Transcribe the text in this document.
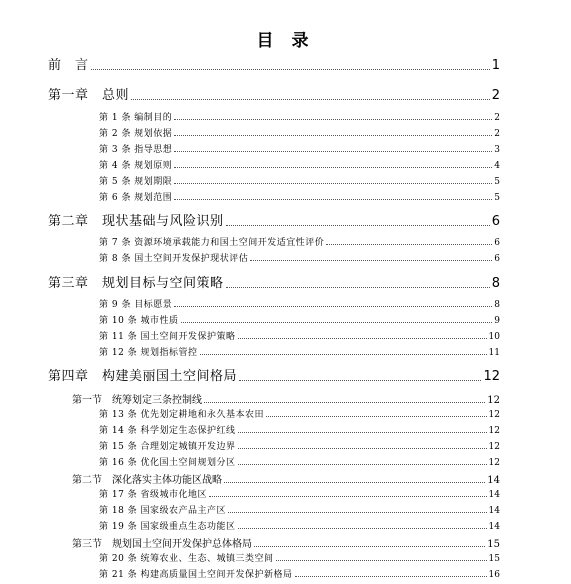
目 录
前　言	1
第一章　总则	2
第 1 条 编制目的	2
第 2 条 规划依据	2
第 3 条 指导思想	3
第 4 条 规划原则	4
第 5 条 规划期限	5
第 6 条 规划范围	5
第二章　现状基础与风险识别	6
第 7 条 资源环境承载能力和国土空间开发适宜性评价	6
第 8 条 国土空间开发保护现状评估	6
第三章　规划目标与空间策略	8
第 9 条 目标愿景	8
第 10 条 城市性质	9
第 11 条 国土空间开发保护策略	10
第 12 条 规划指标管控	11
第四章　构建美丽国土空间格局	12
第一节　统筹划定三条控制线	12
第 13 条 优先划定耕地和永久基本农田	12
第 14 条 科学划定生态保护红线	12
第 15 条 合理划定城镇开发边界	12
第 16 条 优化国土空间规划分区	12
第二节　深化落实主体功能区战略	14
第 17 条 省级城市化地区	14
第 18 条 国家级农产品主产区	14
第 19 条 国家级重点生态功能区	14
第三节　规划国土空间开发保护总体格局	15
第 20 条 统筹农业、生态、城镇三类空间	15
第 21 条 构建高质量国土空间开发保护新格局	16
